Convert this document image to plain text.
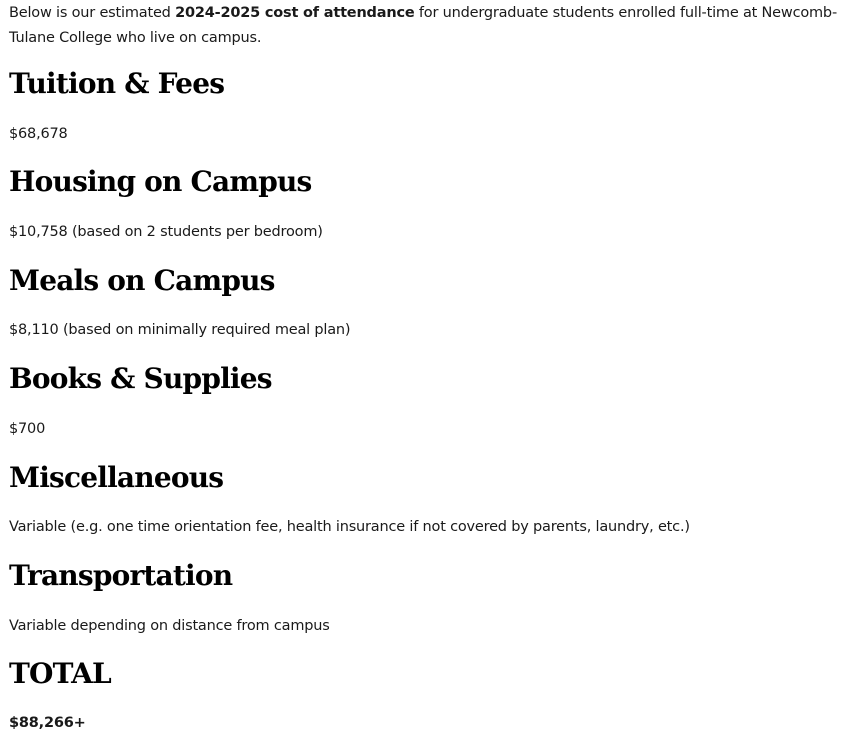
Below is our estimated 2024-2025 cost of attendance for undergraduate students enrolled full-time at Newcomb-Tulane College who live on campus.

Tuition & Fees

$68,678

Housing on Campus

$10,758 (based on 2 students per bedroom)

Meals on Campus

$8,110 (based on minimally required meal plan)

Books & Supplies

$700

Miscellaneous

Variable (e.g. one time orientation fee, health insurance if not covered by parents, laundry, etc.)

Transportation

Variable depending on distance from campus

TOTAL

$88,266+
